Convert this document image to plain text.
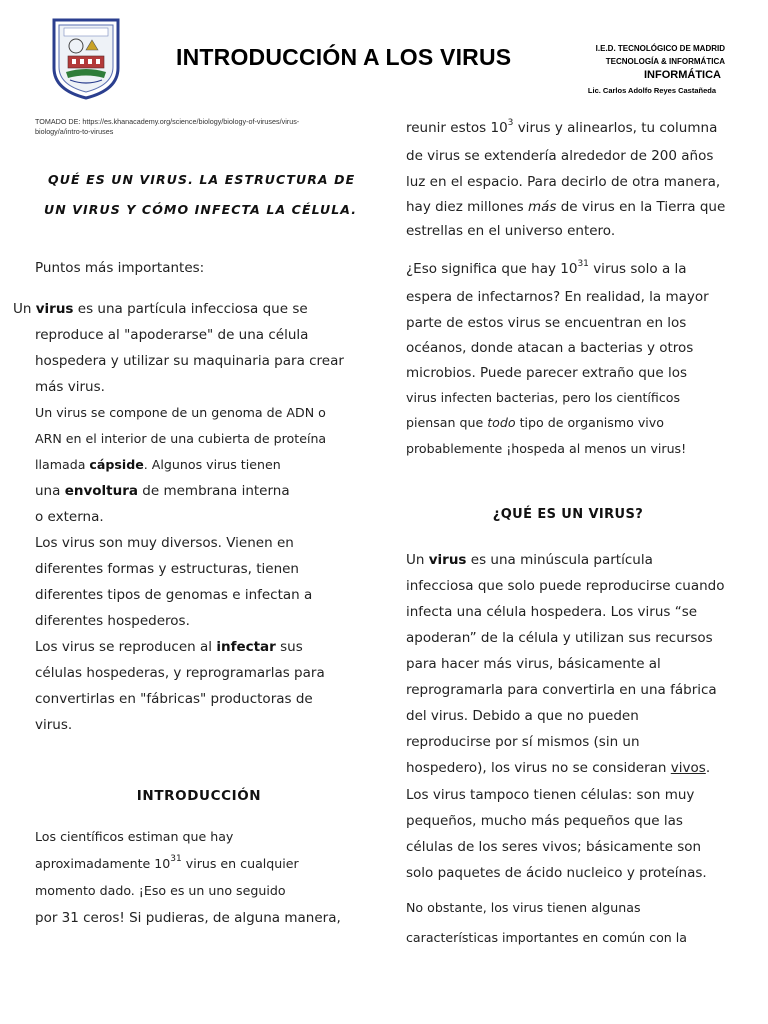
INTRODUCCIÓN A LOS VIRUS	I.E.D. TECNOLÓGICO DE MADRID
TECNOLOGÍA & INFORMÁTICA
INFORMÁTICA
Lic. Carlos Adolfo Reyes Castañeda
TOMADO DE: https://es.khanacademy.org/science/biology/biology-of-viruses/virus-
biology/a/intro-to-viruses
QUÉ ES UN VIRUS. LA ESTRUCTURA DE
UN VIRUS Y CÓMO INFECTA LA CÉLULA.
Puntos más importantes:
Un virus es una partícula infecciosa que se
reproduce al "apoderarse" de una célula
hospedera y utilizar su maquinaria para crear
más virus.
Un virus se compone de un genoma de ADN o
ARN en el interior de una cubierta de proteína
llamada cápside. Algunos virus tienen
una envoltura de membrana interna
o externa.
Los virus son muy diversos. Vienen en
diferentes formas y estructuras, tienen
diferentes tipos de genomas e infectan a
diferentes hospederos.
Los virus se reproducen al infectar sus
células hospederas, y reprogramarlas para
convertirlas en "fábricas" productoras de
virus.
INTRODUCCIÓN
Los científicos estiman que hay
aproximadamente $10^{31}$ virus en cualquier
momento dado. ¡Eso es un uno seguido
por 31 ceros! Si pudieras, de alguna manera,
reunir estos $10^3$ virus y alinearlos, tu columna
de virus se extendería alrededor de 200 años
luz en el espacio. Para decirlo de otra manera,
hay diez millones más de virus en la Tierra que
estrellas en el universo entero.
¿Eso significa que hay $10^{31}$ virus solo a la
espera de infectarnos? En realidad, la mayor
parte de estos virus se encuentran en los
océanos, donde atacan a bacterias y otros
microbios. Puede parecer extraño que los
virus infecten bacterias, pero los científicos
piensan que todo tipo de organismo vivo
probablemente ¡hospeda al menos un virus!
¿QUÉ ES UN VIRUS?
Un virus es una minúscula partícula
infecciosa que solo puede reproducirse cuando
infecta una célula hospedera. Los virus “se
apoderan” de la célula y utilizan sus recursos
para hacer más virus, básicamente al
reprogramarla para convertirla en una fábrica
del virus. Debido a que no pueden
reproducirse por sí mismos (sin un
hospedero), los virus no se consideran vivos.
Los virus tampoco tienen células: son muy
pequeños, mucho más pequeños que las
células de los seres vivos; básicamente son
solo paquetes de ácido nucleico y proteínas.
No obstante, los virus tienen algunas
características importantes en común con la
